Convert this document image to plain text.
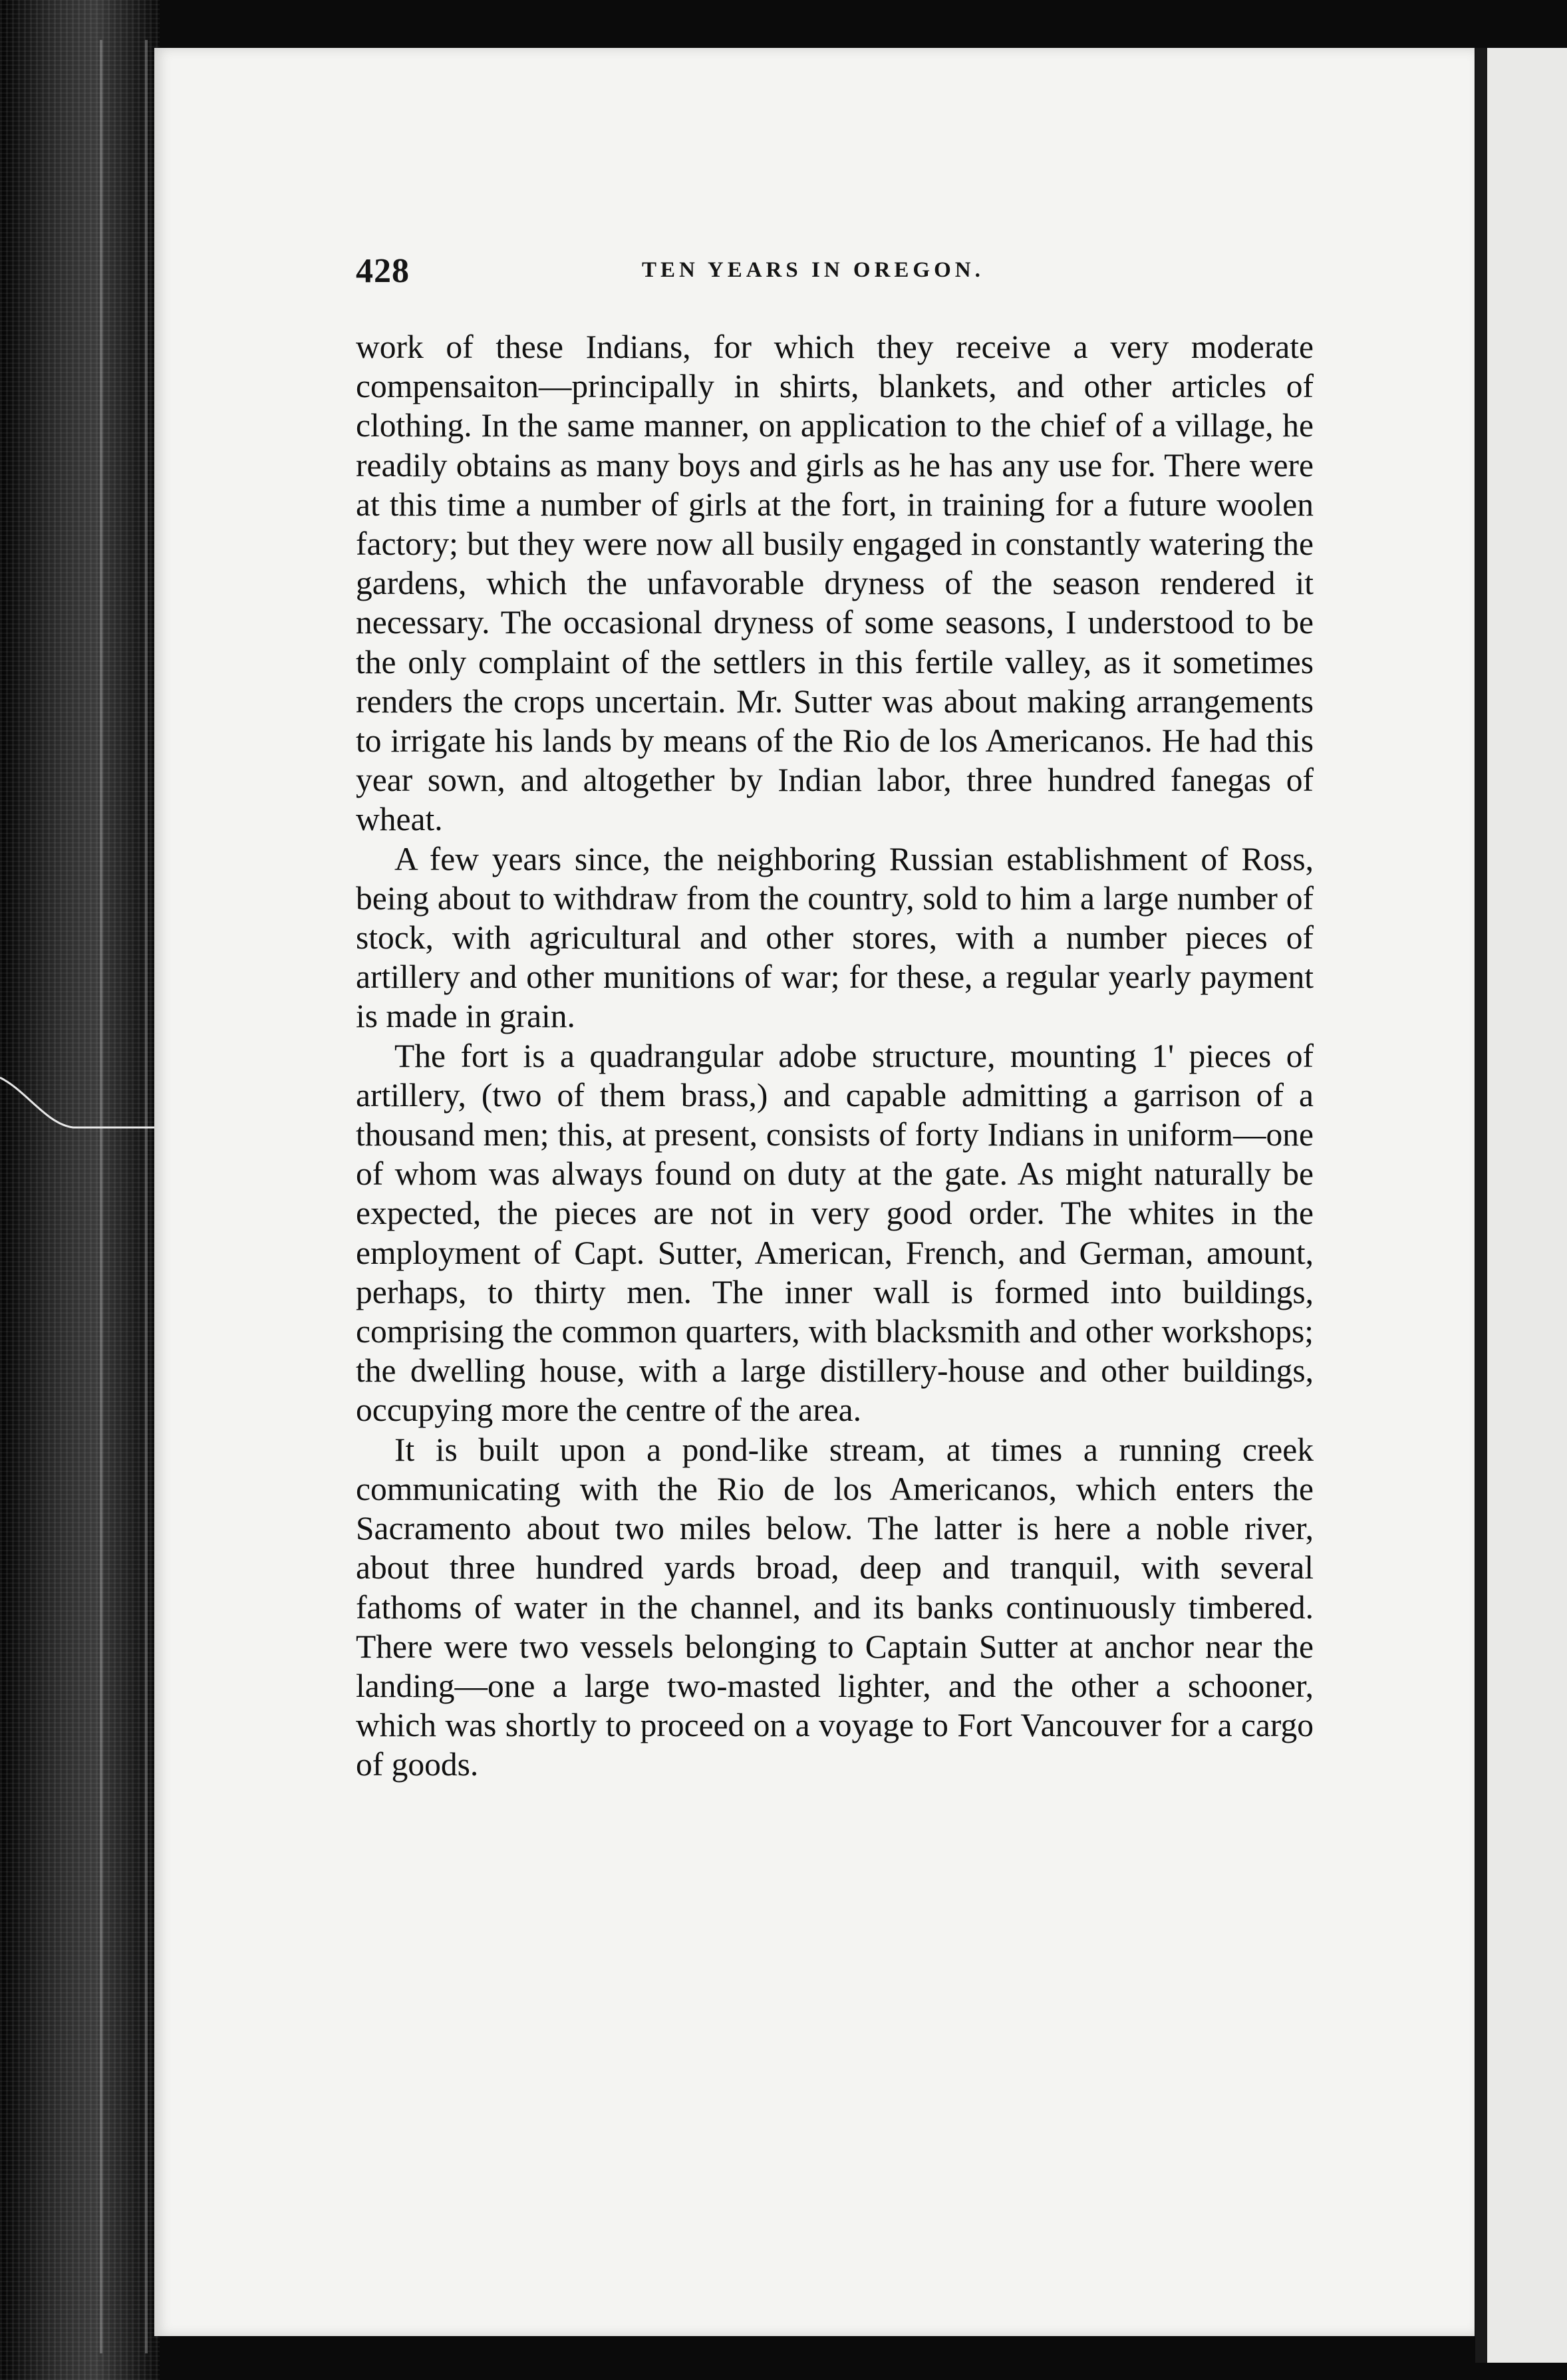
428	TEN YEARS IN OREGON.

work of these Indians, for which they receive a very moderate compensaiton—principally in shirts, blankets, and other articles of clothing. In the same manner, on application to the chief of a village, he readily obtains as many boys and girls as he has any use for. There were at this time a number of girls at the fort, in training for a future woolen factory; but they were now all busily engaged in constantly watering the gardens, which the unfavorable dryness of the season rendered it necessary. The occasional dryness of some seasons, I understood to be the only complaint of the settlers in this fertile valley, as it sometimes renders the crops uncertain. Mr. Sutter was about making arrangements to irrigate his lands by means of the Rio de los Americanos. He had this year sown, and altogether by Indian labor, three hundred fanegas of wheat.

A few years since, the neighboring Russian establishment of Ross, being about to withdraw from the country, sold to him a large number of stock, with agricultural and other stores, with a number pieces of artillery and other munitions of war; for these, a regular yearly payment is made in grain.

The fort is a quadrangular adobe structure, mounting 1' pieces of artillery, (two of them brass,) and capable admitting a garrison of a thousand men; this, at present, consists of forty Indians in uniform—one of whom was always found on duty at the gate. As might naturally be expected, the pieces are not in very good order. The whites in the employment of Capt. Sutter, American, French, and German, amount, perhaps, to thirty men. The inner wall is formed into buildings, comprising the common quarters, with blacksmith and other workshops; the dwelling house, with a large distillery-house and other buildings, occupying more the centre of the area.

It is built upon a pond-like stream, at times a running creek communicating with the Rio de los Americanos, which enters the Sacramento about two miles below. The latter is here a noble river, about three hundred yards broad, deep and tranquil, with several fathoms of water in the channel, and its banks continuously timbered. There were two vessels belonging to Captain Sutter at anchor near the landing—one a large two-masted lighter, and the other a schooner, which was shortly to proceed on a voyage to Fort Vancouver for a cargo of goods.
